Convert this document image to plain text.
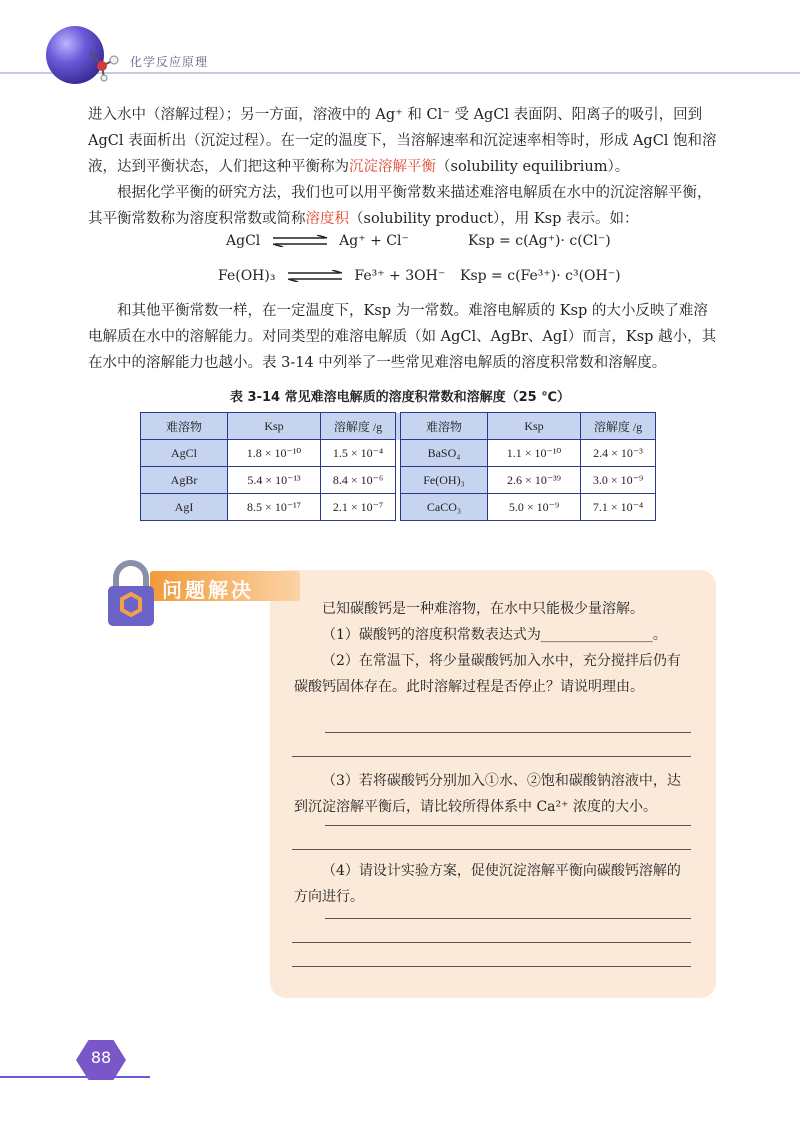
化学反应原理

进入水中（溶解过程）；另一方面，溶液中的 Ag⁺ 和 Cl⁻ 受 AgCl 表面阴、阳离子的吸引，回到 AgCl 表面析出（沉淀过程）。在一定的温度下，当溶解速率和沉淀速率相等时，形成 AgCl 饱和溶液，达到平衡状态，人们把这种平衡称为沉淀溶解平衡（solubility equilibrium）。

根据化学平衡的研究方法，我们也可以用平衡常数来描述难溶电解质在水中的沉淀溶解平衡，其平衡常数称为溶度积常数或简称溶度积（solubility product），用 Ksp 表示。如：

AgCl	Ag⁺ + Cl⁻	Ksp = c(Ag⁺)· c(Cl⁻)
Fe(OH)₃	Fe³⁺ + 3OH⁻ Ksp = c(Fe³⁺)· c³(OH⁻)

和其他平衡常数一样，在一定温度下，Ksp 为一常数。难溶电解质的 Ksp 的大小反映了难溶电解质在水中的溶解能力。对同类型的难溶电解质（如 AgCl、AgBr、AgI）而言，Ksp 越小，其在水中的溶解能力也越小。表 3-14 中列举了一些常见难溶电解质的溶度积常数和溶解度。

表 3-14 常见难溶电解质的溶度积常数和溶解度（25 ℃）
难溶物	Ksp	溶解度 /g		难溶物	Ksp	溶解度 /g
AgCl	1.8 × 10⁻¹⁰	1.5 × 10⁻⁴		BaSO₄	1.1 × 10⁻¹⁰	2.4 × 10⁻³
AgBr	5.4 × 10⁻¹³	8.4 × 10⁻⁶		Fe(OH)₃	2.6 × 10⁻³⁹	3.0 × 10⁻⁹
AgI	8.5 × 10⁻¹⁷	2.1 × 10⁻⁷		CaCO₃	5.0 × 10⁻⁹	7.1 × 10⁻⁴
问题解决

已知碳酸钙是一种难溶物，在水中只能极少量溶解。

（1）碳酸钙的溶度积常数表达式为________________。

（2）在常温下，将少量碳酸钙加入水中，充分搅拌后仍有碳酸钙固体存在。此时溶解过程是否停止？请说明理由。

（3）若将碳酸钙分别加入①水、②饱和碳酸钠溶液中，达到沉淀溶解平衡后，请比较所得体系中 Ca²⁺ 浓度的大小。

（4）请设计实验方案，促使沉淀溶解平衡向碳酸钙溶解的方向进行。

88
